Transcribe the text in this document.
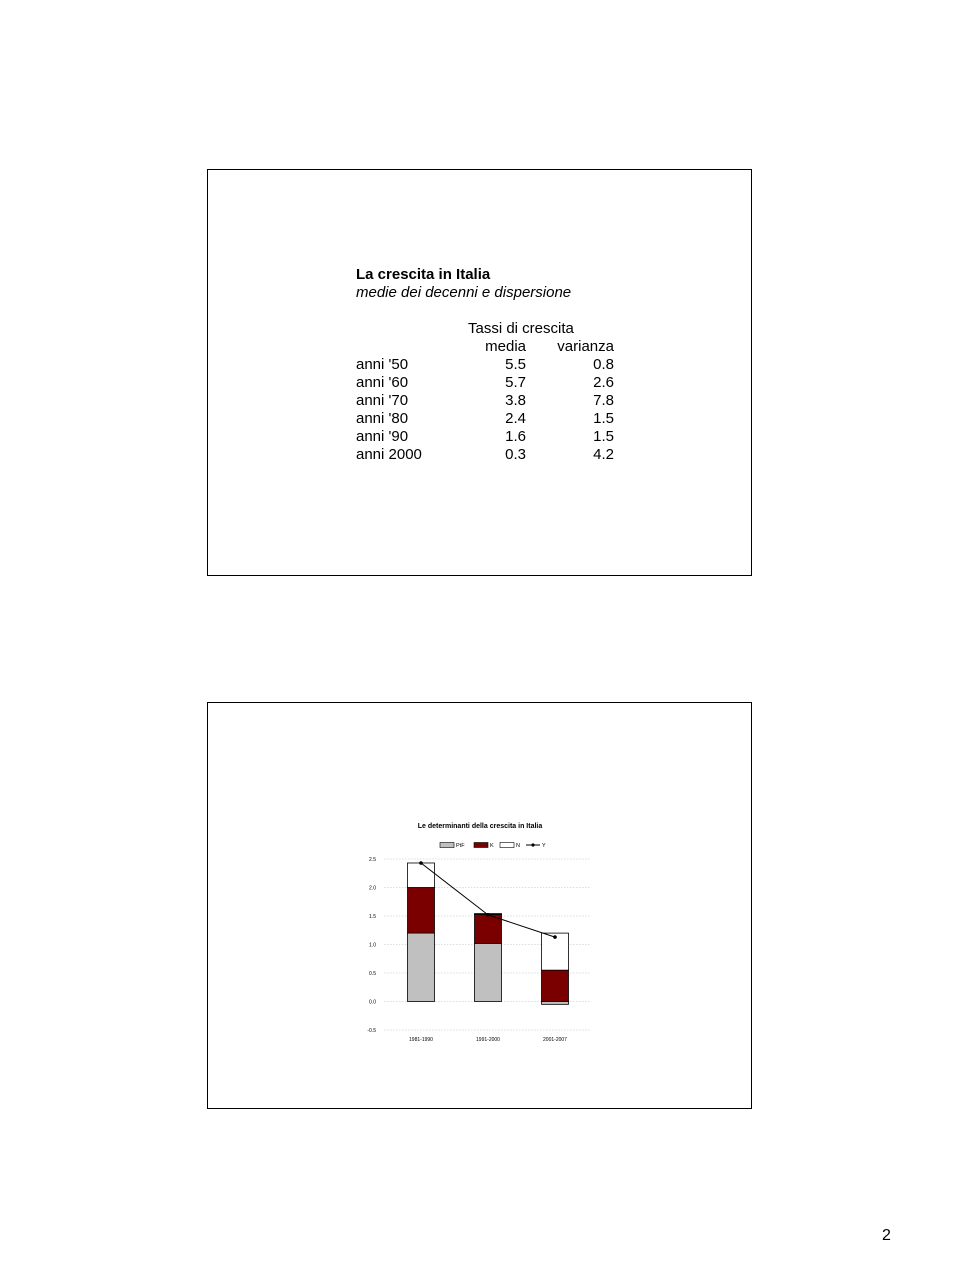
La crescita in Italia
medie dei decenni e dispersione
Tassi di crescita
	media	varianza
anni '50	5.5	0.8
anni '60	5.7	2.6
anni '70	3.8	7.8
anni '80	2.4	1.5
anni '90	1.6	1.5
anni 2000	0.3	4.2
Le determinanti della crescita in Italia
PtF	K	N	Y
2.5
2.0
1.5
1.0
0.5
0.0
-0.5
1981-1990	1991-2000	2001-2007
2
